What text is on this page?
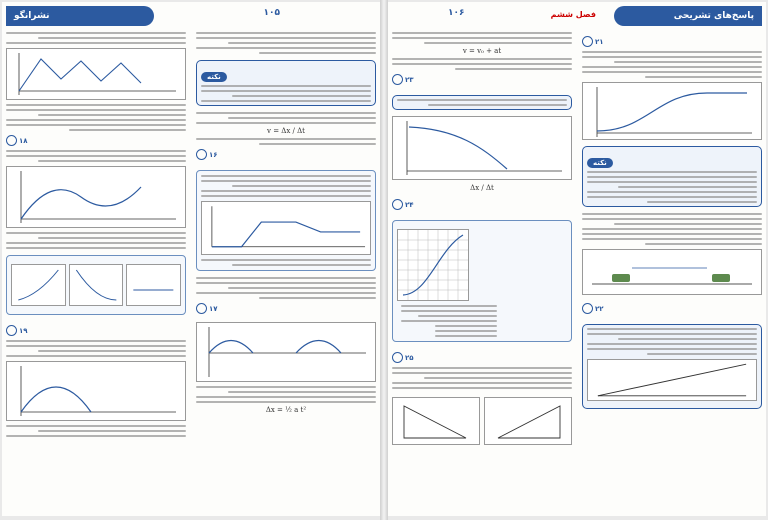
نشرانگو	۱۰۵
نکته
v = Δx / Δt
۱۶
۱۷
Δx = ½ a t²
۱۸
۱۹
پاسخ‌های تشریحی
۱۰۶	فصل ششم
۲۱
نکته
۲۲
v = v₀ + at
۲۳
Δx / Δt
۲۴

۲۵
